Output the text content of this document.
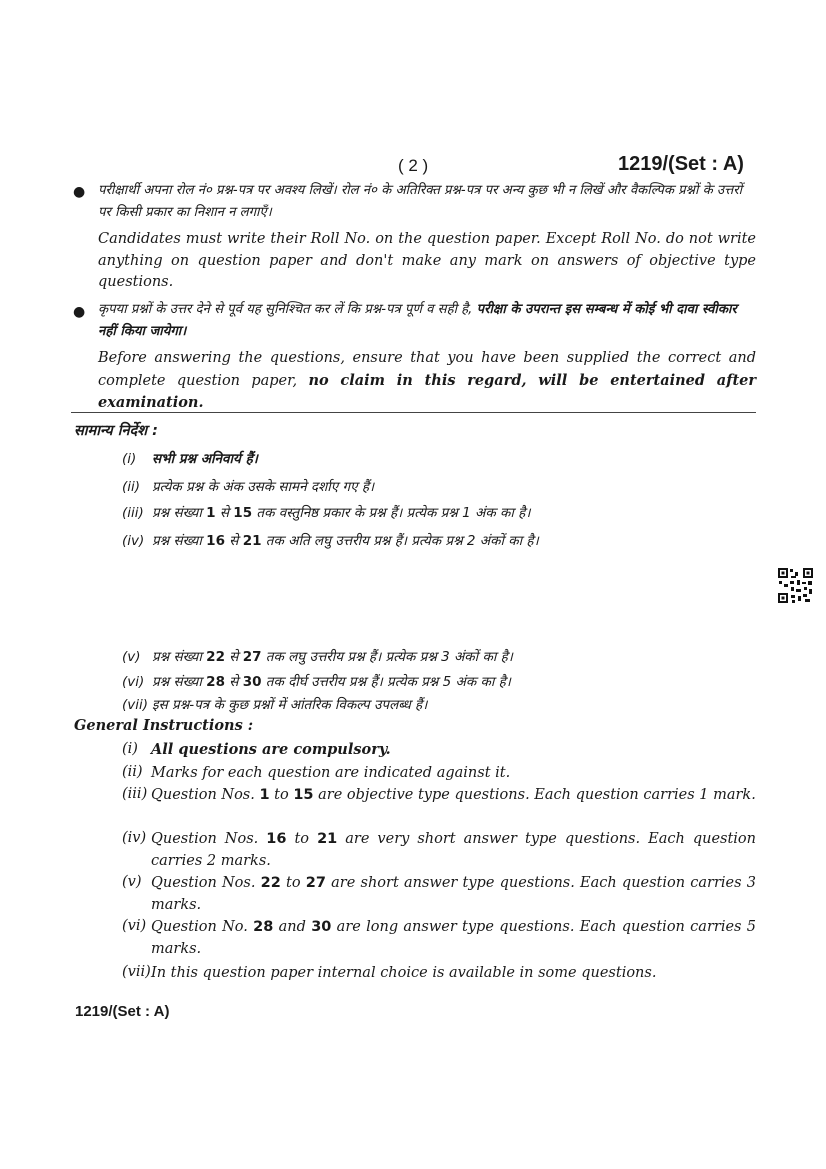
( 2 )	1219/(Set : A)
● परीक्षार्थी अपना रोल नं० प्रश्न-पत्र पर अवश्य लिखें। रोल नं० के अतिरिक्त प्रश्न-पत्र पर अन्य कुछ भी न लिखें और वैकल्पिक प्रश्नों के उत्तरों पर किसी प्रकार का निशान न लगाएँ।
Candidates must write their Roll No. on the question paper. Except Roll No. do not write anything on question paper and don't make any mark on answers of objective type questions.
● कृपया प्रश्नों के उत्तर देने से पूर्व यह सुनिश्चित कर लें कि प्रश्न-पत्र पूर्ण व सही है, परीक्षा के उपरान्त इस सम्बन्ध में कोई भी दावा स्वीकार नहीं किया जायेगा।
Before answering the questions, ensure that you have been supplied the correct and complete question paper, no claim in this regard, will be entertained after examination.
सामान्य निर्देश :
(i) सभी प्रश्न अनिवार्य हैं।
(ii) प्रत्येक प्रश्न के अंक उसके सामने दर्शाए गए हैं।
(iii) प्रश्न संख्या 1 से 15 तक वस्तुनिष्ठ प्रकार के प्रश्न हैं। प्रत्येक प्रश्न 1 अंक का है।
(iv) प्रश्न संख्या 16 से 21 तक अति लघु उत्तरीय प्रश्न हैं। प्रत्येक प्रश्न 2 अंकों का है।
(v) प्रश्न संख्या 22 से 27 तक लघु उत्तरीय प्रश्न हैं। प्रत्येक प्रश्न 3 अंकों का है।
(vi) प्रश्न संख्या 28 से 30 तक दीर्घ उत्तरीय प्रश्न हैं। प्रत्येक प्रश्न 5 अंक का है।
(vii) इस प्रश्न-पत्र के कुछ प्रश्नों में आंतरिक विकल्प उपलब्ध हैं।
General Instructions :
(i) All questions are compulsory.
(ii) Marks for each question are indicated against it.
(iii) Question Nos. 1 to 15 are objective type questions. Each question carries 1 mark.
(iv) Question Nos. 16 to 21 are very short answer type questions. Each question carries 2 marks.
(v) Question Nos. 22 to 27 are short answer type questions. Each question carries 3 marks.
(vi) Question No. 28 and 30 are long answer type questions. Each question carries 5 marks.
(vii) In this question paper internal choice is available in some questions.
1219/(Set : A)
